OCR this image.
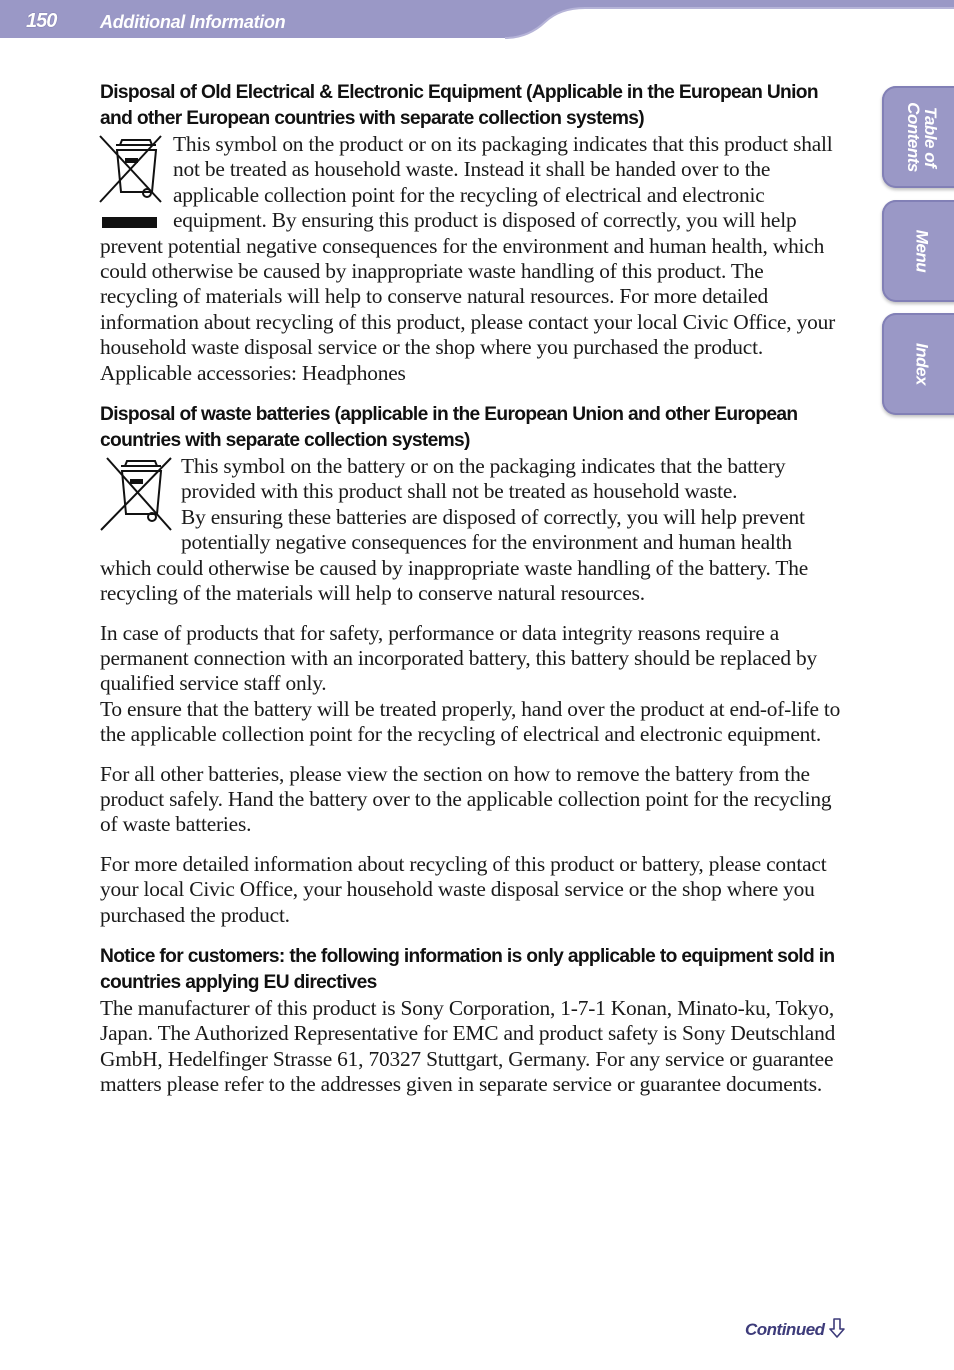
150 Additional Information
Table of
Contents
Menu
Index
Disposal of Old Electrical & Electronic Equipment (Applicable in the European Union and other European countries with separate collection systems)

This symbol on the product or on its packaging indicates that this product shall not be treated as household waste. Instead it shall be handed over to the applicable collection point for the recycling of electrical and electronic equipment. By ensuring this product is disposed of correctly, you will help prevent potential negative consequences for the environment and human health, which could otherwise be caused by inappropriate waste handling of this product. The recycling of materials will help to conserve natural resources. For more detailed information about recycling of this product, please contact your local Civic Office, your household waste disposal service or the shop where you purchased the product.

Applicable accessories: Headphones

Disposal of waste batteries (applicable in the European Union and other European countries with separate collection systems)

This symbol on the battery or on the packaging indicates that the battery provided with this product shall not be treated as household waste.

By ensuring these batteries are disposed of correctly, you will help prevent potentially negative consequences for the environment and human health which could otherwise be caused by inappropriate waste handling of the battery. The recycling of the materials will help to conserve natural resources.

In case of products that for safety, performance or data integrity reasons require a permanent connection with an incorporated battery, this battery should be replaced by qualified service staff only.

To ensure that the battery will be treated properly, hand over the product at end-of-life to the applicable collection point for the recycling of electrical and electronic equipment.

For all other batteries, please view the section on how to remove the battery from the product safely. Hand the battery over to the applicable collection point for the recycling of waste batteries.

For more detailed information about recycling of this product or battery, please contact your local Civic Office, your household waste disposal service or the shop where you purchased the product.

Notice for customers: the following information is only applicable to equipment sold in countries applying EU directives

The manufacturer of this product is Sony Corporation, 1-7-1 Konan, Minato-ku, Tokyo, Japan. The Authorized Representative for EMC and product safety is Sony Deutschland GmbH, Hedelfinger Strasse 61, 70327 Stuttgart, Germany. For any service or guarantee matters please refer to the addresses given in separate service or guarantee documents.

Continued
